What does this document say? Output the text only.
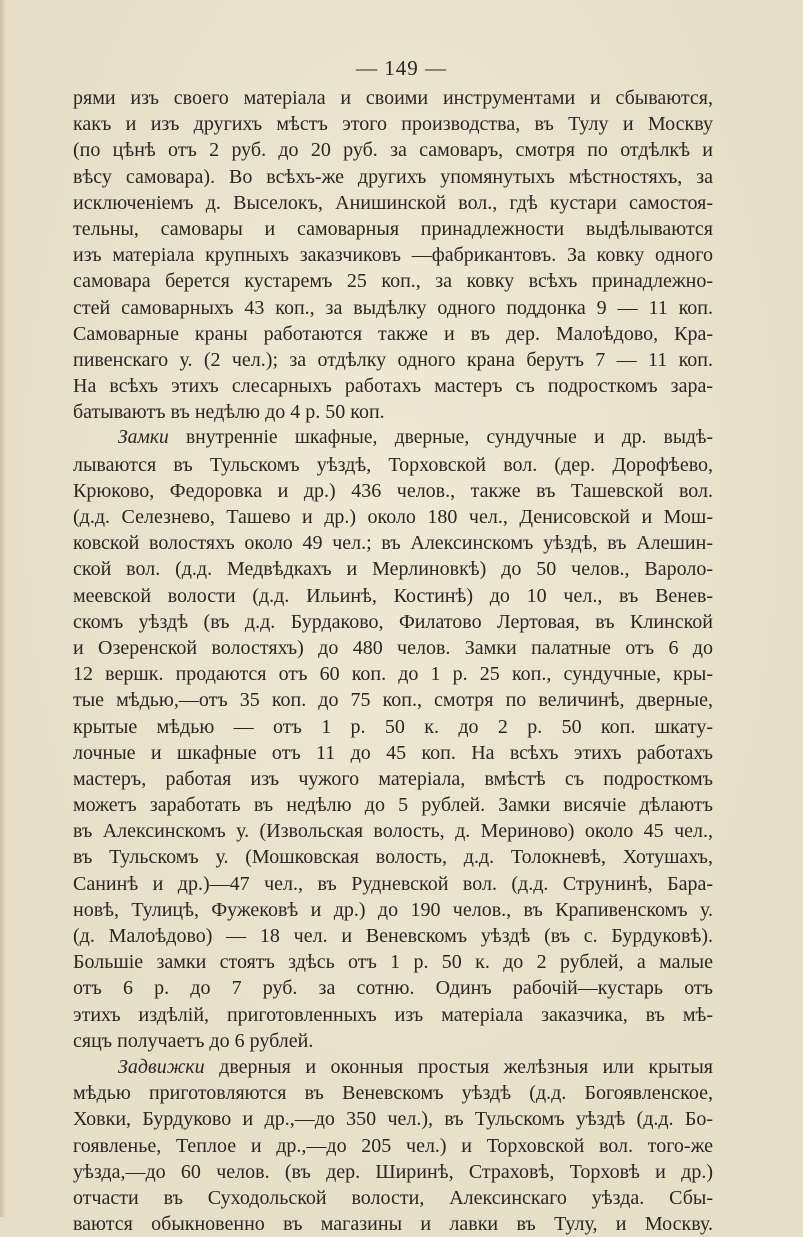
— 149 —
рями изъ своего матеріала и своими инструментами и сбываются,
какъ и изъ другихъ мѣстъ этого производства, въ Тулу и Москву
(по цѣнѣ отъ 2 руб. до 20 руб. за самоваръ, смотря по отдѣлкѣ и
вѣсу самовара). Во всѣхъ-же другихъ упомянутыхъ мѣстностяхъ, за
исключеніемъ д. Выселокъ, Анишинской вол., гдѣ кустари самостоя-
тельны, самовары и самоварныя принадлежности выдѣлываются
изъ матеріала крупныхъ заказчиковъ —фабрикантовъ. За ковку одного
самовара берется кустаремъ 25 коп., за ковку всѣхъ принадлежно-
стей самоварныхъ 43 коп., за выдѣлку одного поддонка 9 — 11 коп.
Самоварные краны работаются также и въ дер. Малоѣдово, Кра-
пивенскаго у. (2 чел.); за отдѣлку одного крана берутъ 7 — 11 коп.
На всѣхъ этихъ слесарныхъ работахъ мастеръ съ подросткомъ зара-
батываютъ въ недѣлю до 4 р. 50 коп.
Замки внутренніе шкафные, дверные, сундучные и др. выдѣ-
лываются въ Тульскомъ уѣздѣ, Торховской вол. (дер. Дорофѣево,
Крюково, Федоровка и др.) 436 челов., также въ Ташевской вол.
(д.д. Селезнево, Ташево и др.) около 180 чел., Денисовской и Мош-
ковской волостяхъ около 49 чел.; въ Алексинскомъ уѣздѣ, въ Алешин-
ской вол. (д.д. Медвѣдкахъ и Мерлиновкѣ) до 50 челов., Вароло-
меевской волости (д.д. Ильинѣ, Костинѣ) до 10 чел., въ Венев-
скомъ уѣздѣ (въ д.д. Бурдаково, Филатово Лертовая, въ Клинской
и Озеренской волостяхъ) до 480 челов. Замки палатные отъ 6 до
12 вершк. продаются отъ 60 коп. до 1 р. 25 коп., сундучные, кры-
тые мѣдью,—отъ 35 коп. до 75 коп., смотря по величинѣ, дверные,
крытые мѣдью — отъ 1 р. 50 к. до 2 р. 50 коп. шкату-
лочные и шкафные отъ 11 до 45 коп. На всѣхъ этихъ работахъ
мастеръ, работая изъ чужого матеріала, вмѣстѣ съ подросткомъ
можетъ заработать въ недѣлю до 5 рублей. Замки висячіе дѣлаютъ
въ Алексинскомъ у. (Извольская волость, д. Мериново) около 45 чел.,
въ Тульскомъ у. (Мошковская волость, д.д. Толокневѣ, Хотушахъ,
Санинѣ и др.)—47 чел., въ Рудневской вол. (д.д. Струнинѣ, Бара-
новѣ, Тулицѣ, Фужековѣ и др.) до 190 челов., въ Крапивенскомъ у.
(д. Малоѣдово) — 18 чел. и Веневскомъ уѣздѣ (въ с. Бурдуковѣ).
Большіе замки стоятъ здѣсь отъ 1 р. 50 к. до 2 рублей, а малые
отъ 6 р. до 7 руб. за сотню. Одинъ рабочій—кустарь отъ
этихъ издѣлій, приготовленныхъ изъ матеріала заказчика, въ мѣ-
сяцъ получаетъ до 6 рублей.
Задвижки дверныя и оконныя простыя желѣзныя или крытыя
мѣдью приготовляются въ Веневскомъ уѣздѣ (д.д. Богоявленское,
Ховки, Бурдуково и др.,—до 350 чел.), въ Тульскомъ уѣздѣ (д.д. Бо-
гоявленье, Теплое и др.,—до 205 чел.) и Торховской вол. того-же
уѣзда,—до 60 челов. (въ дер. Ширинѣ, Страховѣ, Торховѣ и др.)
отчасти въ Суходольской волости, Алексинскаго уѣзда. Сбы-
ваются обыкновенно въ магазины и лавки въ Тулу, и Москву.
